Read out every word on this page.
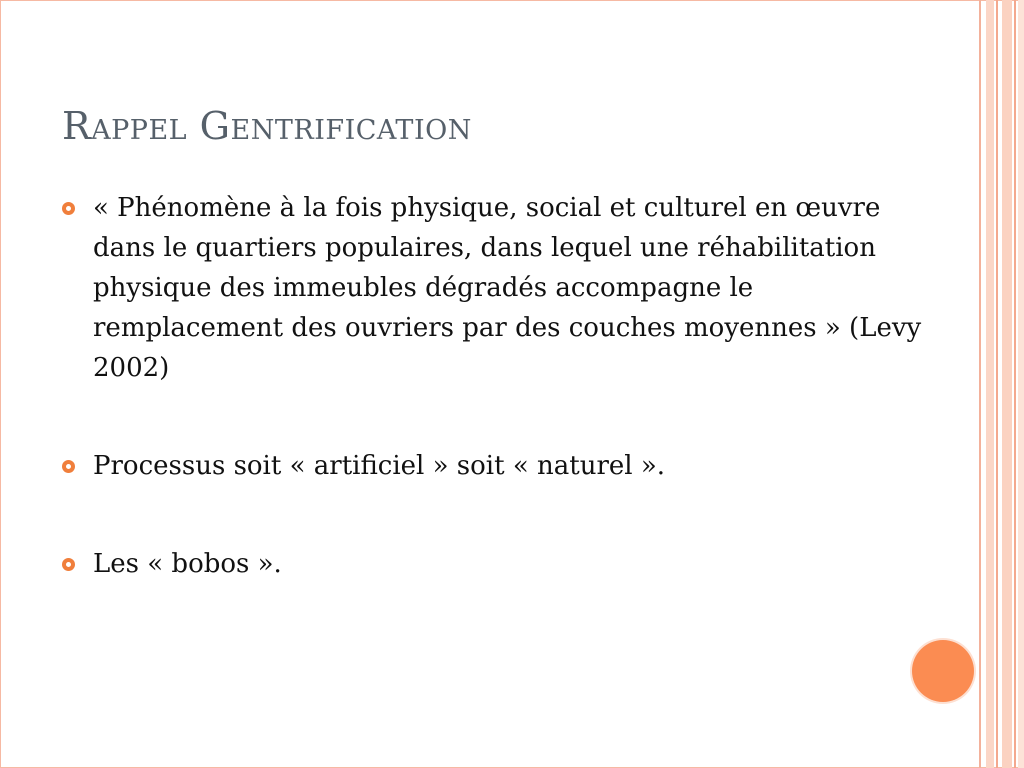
Rappel Gentrification
« Phénomène à la fois physique, social et culturel en œuvre dans le quartiers populaires, dans lequel une réhabilitation physique des immeubles dégradés accompagne le remplacement des ouvriers par des couches moyennes » (Levy 2002)
Processus soit « artificiel » soit « naturel ».
Les « bobos ».
